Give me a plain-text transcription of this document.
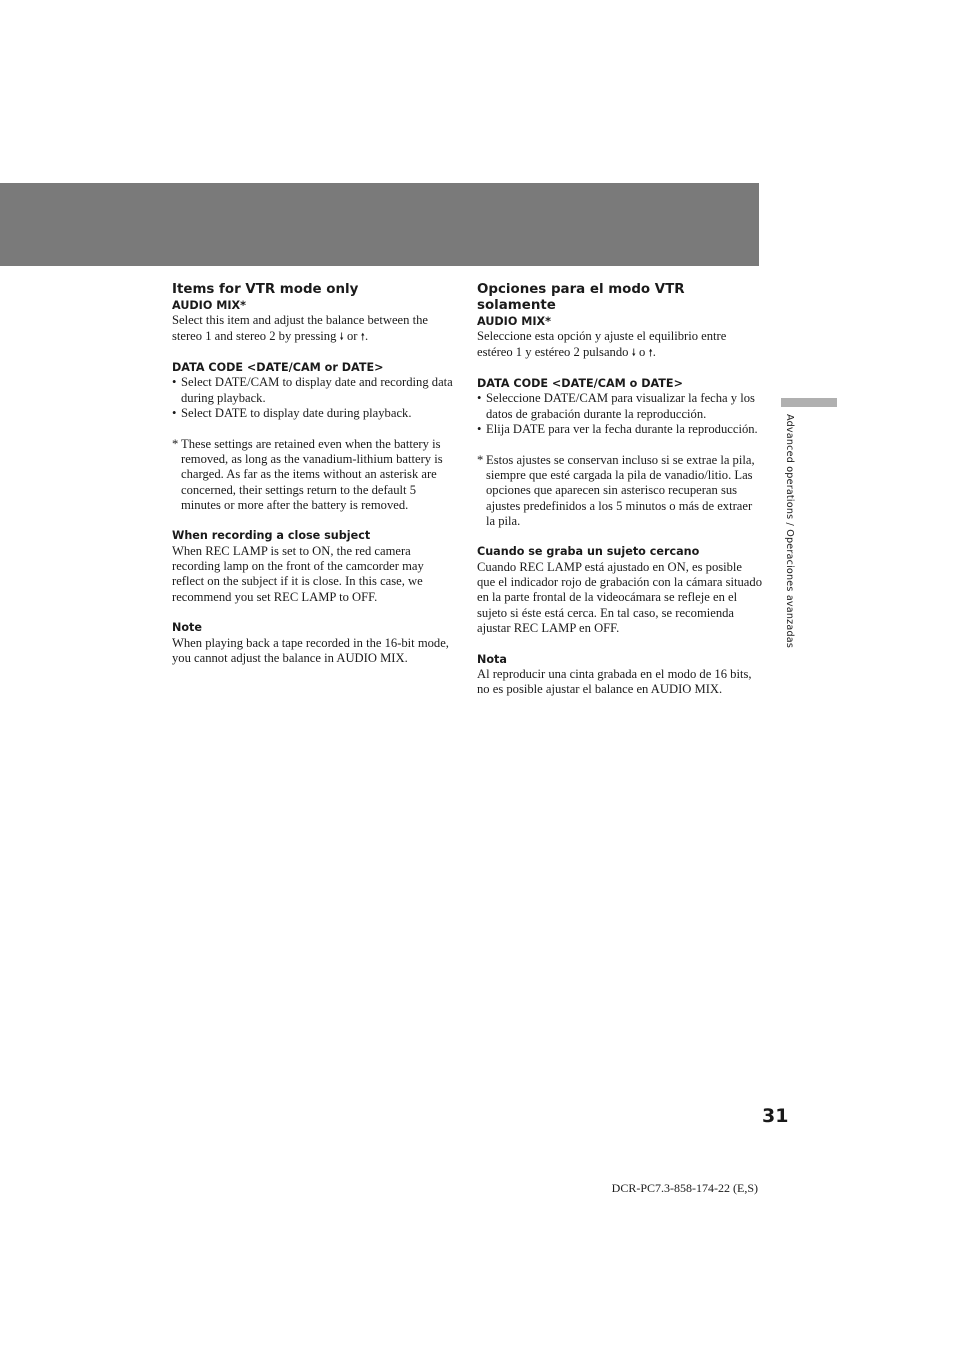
Items for VTR mode only

AUDIO MIX*

Select this item and adjust the balance between the stereo 1 and stereo 2 by pressing 🠗 or 🠕.

DATA CODE <DATE/CAM or DATE>

• Select DATE/CAM to display date and recording data during playback.
• Select DATE to display date during playback.
* These settings are retained even when the battery is removed, as long as the vanadium-lithium battery is charged. As far as the items without an asterisk are concerned, their settings return to the default 5 minutes or more after the battery is removed.

When recording a close subject

When REC LAMP is set to ON, the red camera recording lamp on the front of the camcorder may reflect on the subject if it is close. In this case, we recommend you set REC LAMP to OFF.

Note

When playing back a tape recorded in the 16-bit mode, you cannot adjust the balance in AUDIO MIX.

Opciones para el modo VTR solamente

AUDIO MIX*

Seleccione esta opción y ajuste el equilibrio entre estéreo 1 y estéreo 2 pulsando 🠗 o 🠕.

DATA CODE <DATE/CAM o DATE>

• Seleccione DATE/CAM para visualizar la fecha y los datos de grabación durante la reproducción.
• Elija DATE para ver la fecha durante la reproducción.
* Estos ajustes se conservan incluso si se extrae la pila, siempre que esté cargada la pila de vanadio/litio. Las opciones que aparecen sin asterisco recuperan sus ajustes predefinidos a los 5 minutos o más de extraer la pila.

Cuando se graba un sujeto cercano

Cuando REC LAMP está ajustado en ON, es posible que el indicador rojo de grabación con la cámara situado en la parte frontal de la videocámara se refleje en el sujeto si éste está cerca. En tal caso, se recomienda ajustar REC LAMP en OFF.

Nota

Al reproducir una cinta grabada en el modo de 16 bits, no es posible ajustar el balance en AUDIO MIX.

Advanced operations / Operaciones avanzadas
31
DCR-PC7.3-858-174-22 (E,S)
